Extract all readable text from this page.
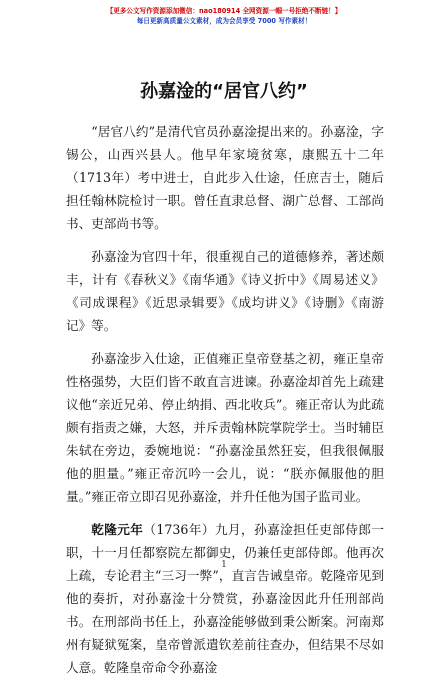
【更多公文写作资源添加微信：nao180914 全网资源一帼一号拒绝不断链！】
每日更新高质量公文素材，成为会员享受 7000 写作素材！
孙嘉淦的“居官八约”

“居官八约”是清代官员孙嘉淦提出来的。孙嘉淦，字锡公，山西兴县人。他早年家境贫寒，康熙五十二年（1713年）考中进士，自此步入仕途，任庶吉士，随后担任翰林院检讨一职。曾任直隶总督、湖广总督、工部尚书、吏部尚书等。

孙嘉淦为官四十年，很重视自己的道德修养，著述颇丰，计有《春秋义》《南华通》《诗义折中》《周易述义》《司成课程》《近思录辑要》《成均讲义》《诗删》《南游记》等。

孙嘉淦步入仕途，正值雍正皇帝登基之初，雍正皇帝性格强势，大臣们皆不敢直言进谏。孙嘉淦却首先上疏建议他“亲近兄弟、停止纳捐、西北收兵”。雍正帝认为此疏颇有指责之嫌，大怒，并斥责翰林院掌院学士。当时辅臣朱轼在旁边，委婉地说：“孙嘉淦虽然狂妄，但我很佩服他的胆量。”雍正帝沉吟一会儿，说：“朕亦佩服他的胆量。”雍正帝立即召见孙嘉淦，并升任他为国子监司业。

乾隆元年（1736年）九月，孙嘉淦担任吏部侍郎一职，十一月任都察院左都御史，仍兼任吏部侍郎。他再次上疏，专论君主“三习一弊”，直言告诫皇帝。乾隆帝见到他的奏折，对孙嘉淦十分赞赏，孙嘉淦因此升任刑部尚书。在刑部尚书任上，孙嘉淦能够做到秉公断案。河南郑州有疑狱冤案，皇帝曾派遣钦差前往查办，但结果不尽如人意。乾隆皇帝命令孙嘉淦

1
